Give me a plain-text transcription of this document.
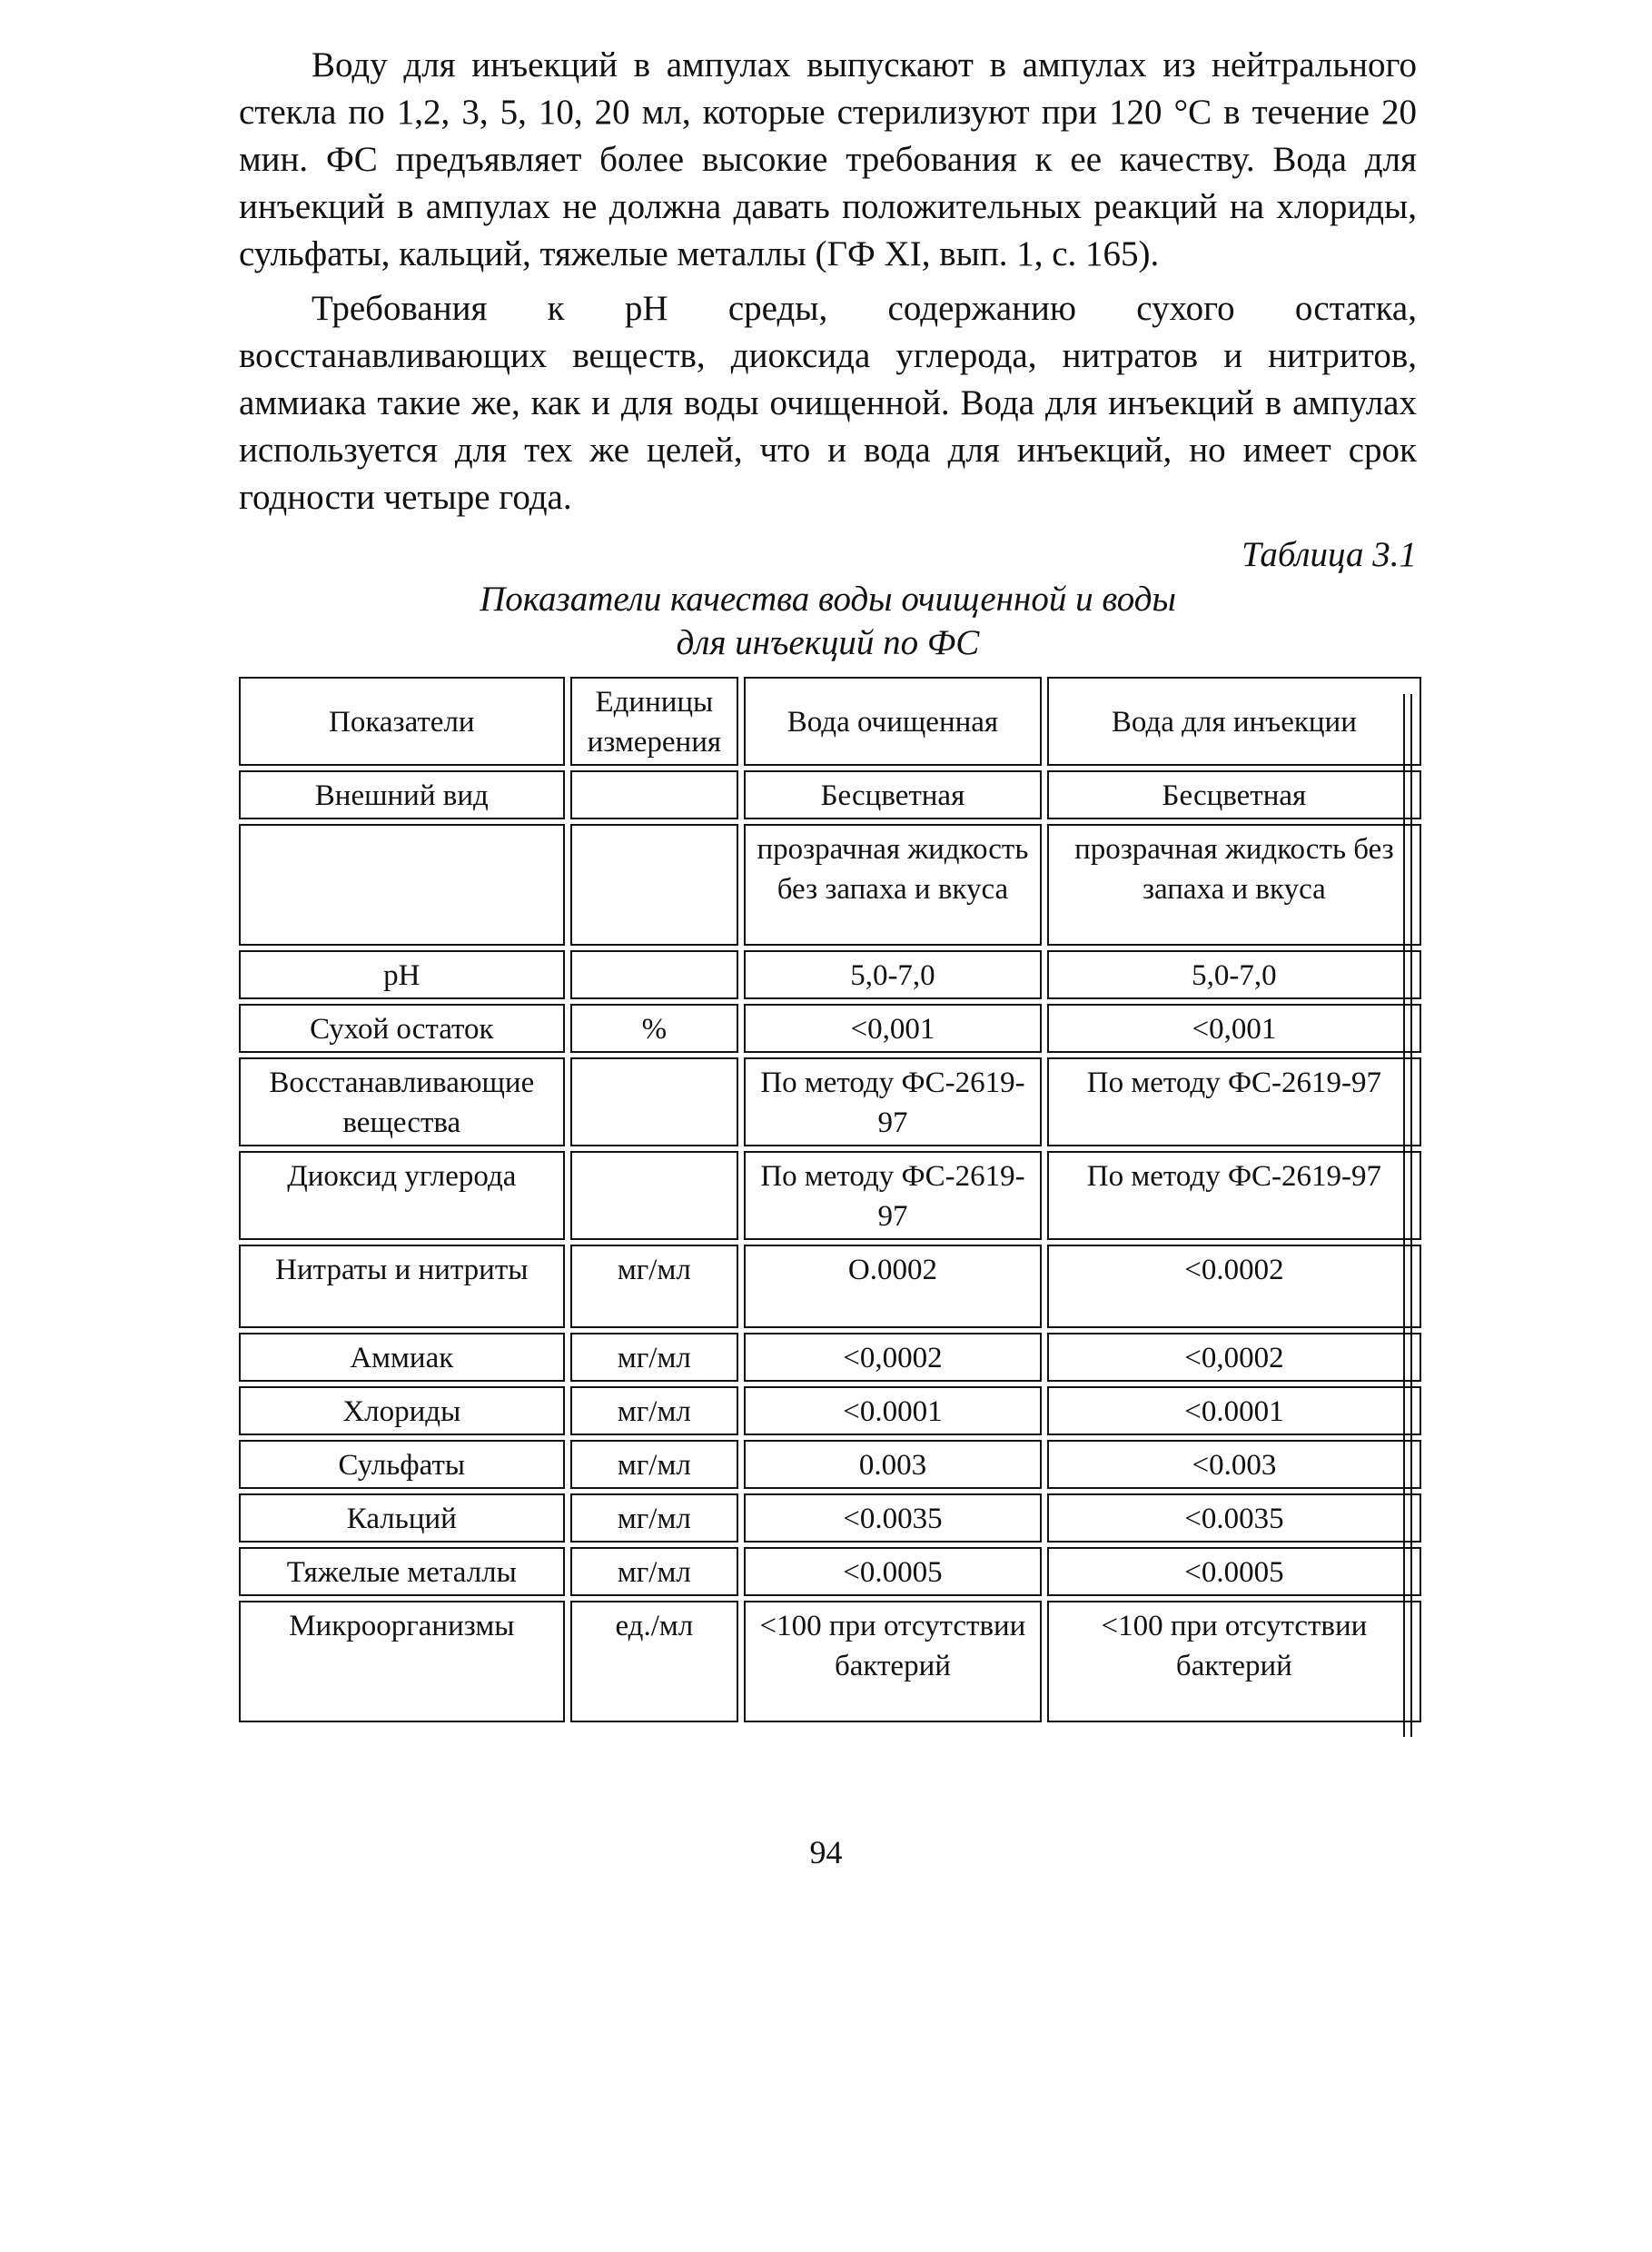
Воду для инъекций в ампулах выпускают в ампулах из нейтрального стекла по 1,2, 3, 5, 10, 20 мл, которые стерилизуют при 120 °С в течение 20 мин. ФС предъявляет более высокие требования к ее качеству. Вода для инъекций в ампулах не должна давать положительных реакций на хлориды, сульфаты, кальций, тяжелые металлы (ГФ XI, вып. 1, с. 165).

Требования к pH среды, содержанию сухого остатка, восстанавливающих веществ, диоксида углерода, нитратов и нитритов, аммиака такие же, как и для воды очищенной. Вода для инъекций в ампулах используется для тех же целей, что и вода для инъекций, но имеет срок годности четыре года.

Таблица 3.1

Показатели качества воды очищенной и воды

для инъекций по ФС

Показатели	Единицы измерения	Вода очищенная	Вода для инъекции
Внешний вид		Бесцветная	Бесцветная
		прозрачная жидкость без запаха и вкуса	прозрачная жидкость без запаха и вкуса
pH		5,0-7,0	5,0-7,0
Сухой остаток	%	<0,001	<0,001
Восстанавливающие вещества		По методу ФС-2619-97	По методу ФС-2619-97
Диоксид углерода		По методу ФС-2619-97	По методу ФС-2619-97
Нитраты и нитриты	мг/мл	O.0002	<0.0002
Аммиак	мг/мл	<0,0002	<0,0002
Хлориды	мг/мл	<0.0001	<0.0001
Сульфаты	мг/мл	0.003	<0.003
Кальций	мг/мл	<0.0035	<0.0035
Тяжелые металлы	мг/мл	<0.0005	<0.0005
Микроорганизмы	ед./мл	<100 при отсутствии бактерий	<100 при отсутствии бактерий
94
